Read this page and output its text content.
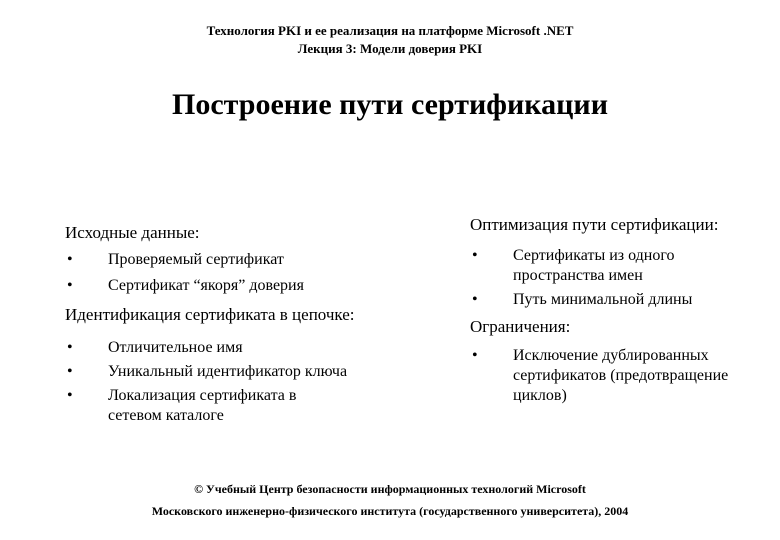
Технология PKI и ее реализация на платформе Microsoft .NET
Лекция 3: Модели доверия PKI
Построение пути сертификации

Исходные данные:

• Проверяемый сертификат
• Сертификат “якоря” доверия

Идентификация сертификата в цепочке:

• Отличительное имя
• Уникальный идентификатор ключа
• Локализация сертификата в сетевом каталоге

Оптимизация пути сертификации:

• Сертификаты из одного пространства имен
• Путь минимальной длины

Ограничения:

• Исключение дублированных сертификатов (предотвращение циклов)
© Учебный Центр безопасности информационных технологий Microsoft
Московского инженерно-физического института (государственного университета), 2004
